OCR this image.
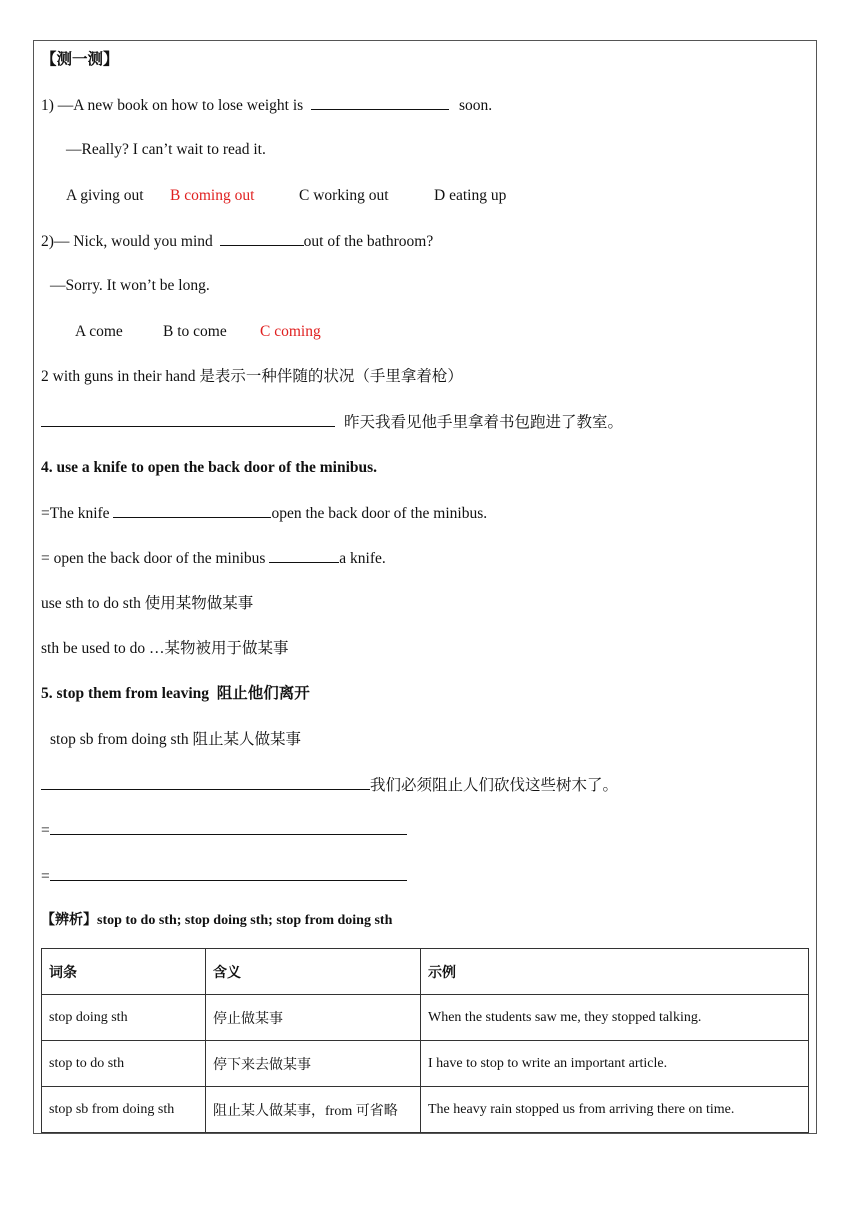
【测一测】
1) —A new book on how to lose weight is	soon.
—Really? I can’t wait to read it.
A giving out B coming out	C working out	D eating up
2)— Nick, would you mind	out of the bathroom?
—Sorry. It won’t be long.
A come	B to come C coming
2 with guns in their hand 是表示一种伴随的状况（手里拿着枪）
昨天我看见他手里拿着书包跑进了教室。
4. use a knife to open the back door of the minibus.
=The knife	open the back door of the minibus.
= open the back door of the minibus	a knife.
use sth to do sth 使用某物做某事
sth be used to do …某物被用于做某事
5. stop them from leaving  阻止他们离开
stop sb from doing sth 阻止某人做某事
我们必须阻止人们砍伐这些树木了。
=
=
【辨析】stop to do sth; stop doing sth; stop from doing sth
词条	含义	示例
stop doing sth	停止做某事	When the students saw me, they stopped talking.
stop to do sth	停下来去做某事	I have to stop to write an important article.
stop sb from doing sth	阻止某人做某事，from 可省略	The heavy rain stopped us from arriving there on time.
